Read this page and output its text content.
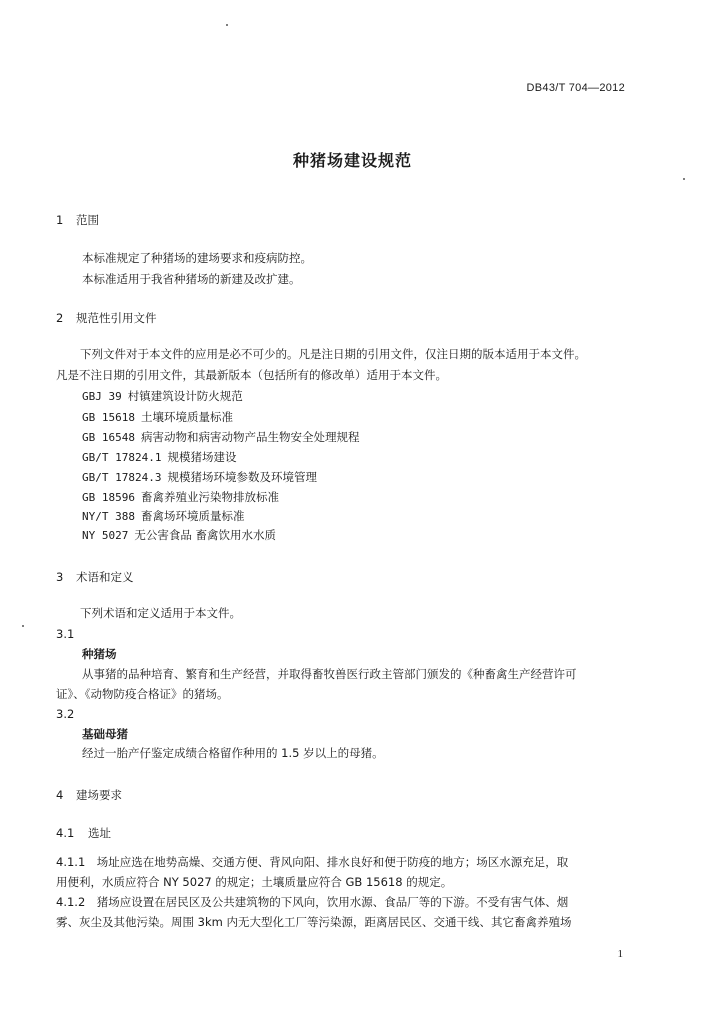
DB43/T 704—2012
种猪场建设规范
1 范围
本标准规定了种猪场的建场要求和疫病防控。
本标准适用于我省种猪场的新建及改扩建。
2 规范性引用文件
下列文件对于本文件的应用是必不可少的。凡是注日期的引用文件，仅注日期的版本适用于本文件。
凡是不注日期的引用文件，其最新版本（包括所有的修改单）适用于本文件。
GBJ 39 村镇建筑设计防火规范
GB 15618 土壤环境质量标准
GB 16548 病害动物和病害动物产品生物安全处理规程
GB/T 17824.1 规模猪场建设
GB/T 17824.3 规模猪场环境参数及环境管理
GB 18596 畜禽养殖业污染物排放标准
NY/T 388 畜禽场环境质量标准
NY 5027 无公害食品 畜禽饮用水水质
3 术语和定义
下列术语和定义适用于本文件。
3.1
种猪场
从事猪的品种培育、繁育和生产经营，并取得畜牧兽医行政主管部门颁发的《种畜禽生产经营许可
证》、《动物防疫合格证》的猪场。
3.2
基础母猪
经过一胎产仔鉴定成绩合格留作种用的 1.5 岁以上的母猪。
4 建场要求
4.1 选址
4.1.1　场址应选在地势高燥、交通方便、背风向阳、排水良好和便于防疫的地方；场区水源充足，取
用便利，水质应符合 NY 5027 的规定；土壤质量应符合 GB 15618 的规定。
4.1.2　猪场应设置在居民区及公共建筑物的下风向，饮用水源、食品厂等的下游。不受有害气体、烟
雾、灰尘及其他污染。周围 3km 内无大型化工厂等污染源，距离居民区、交通干线、其它畜禽养殖场
1
